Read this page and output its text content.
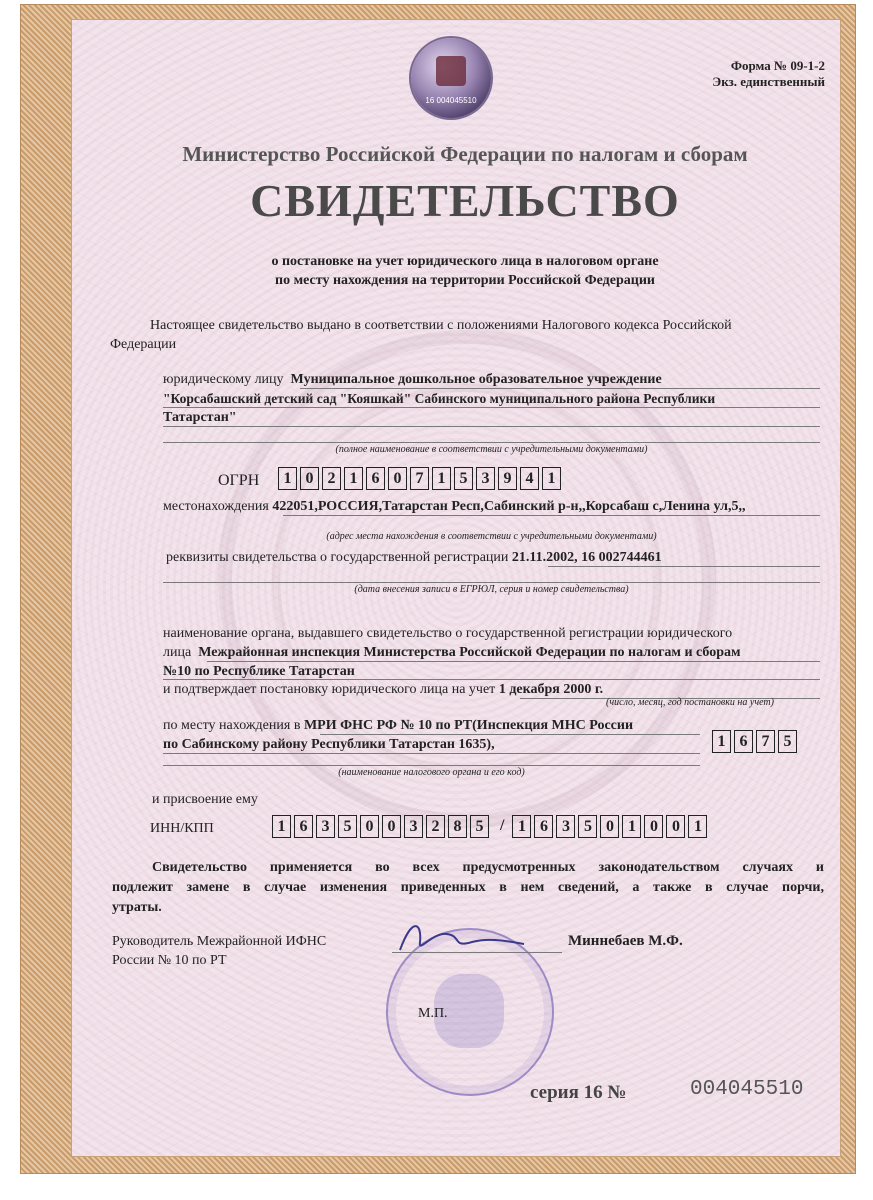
Форма № 09-1-2
Экз. единственный
16 004045510
Министерство Российской Федерации по налогам и сборам
СВИДЕТЕЛЬСТВО
о постановке на учет юридического лица в налоговом органе
по месту нахождения на территории Российской Федерации
Настоящее свидетельство выдано в соответствии с положениями Налогового кодекса Российской
Федерации
юридическому лицу Муниципальное дошкольное образовательное учреждение
"Корсабашский детский сад "Кояшкай" Сабинского муниципального района Республики
Татарстан"
(полное наименование в соответствии с учредительными документами)
ОГРН	1 0 2 1 6 0 7 1 5 3 9 4 1
местонахождения 422051,РОССИЯ,Татарстан Респ,Сабинский р-н,,Корсабаш с,Ленина ул,5,,
(адрес места нахождения в соответствии с учредительными документами)
реквизиты свидетельства о государственной регистрации 21.11.2002, 16 002744461
(дата внесения записи в ЕГРЮЛ, серия и номер свидетельства)
наименование органа, выдавшего свидетельство о государственной регистрации юридического
лица Межрайонная инспекция Министерства Российской Федерации по налогам и сборам
№10 по Республике Татарстан
и подтверждает постановку юридического лица на учет 1 декабря 2000 г.
(число, месяц, год постановки на учет)
по месту нахождения в МРИ ФНС РФ № 10 по РТ(Инспекция МНС России
по Сабинскому району Республики Татарстан 1635),	1 6 7 5
(наименование налогового органа и его код)
и присвоение ему
ИНН/КПП	1 6 3 5 0 0 3 2 8 5	/ 1 6 3 5 0 1 0 0 1
Свидетельство применяется во всех предусмотренных законодательством случаях и
подлежит замене в случае изменения приведенных в нем сведений, а также в случае порчи,
утраты.
Руководитель Межрайонной ИФНС
России № 10 по РТ
Миннебаев М.Ф.
М.П.
серия 16 №	004045510
